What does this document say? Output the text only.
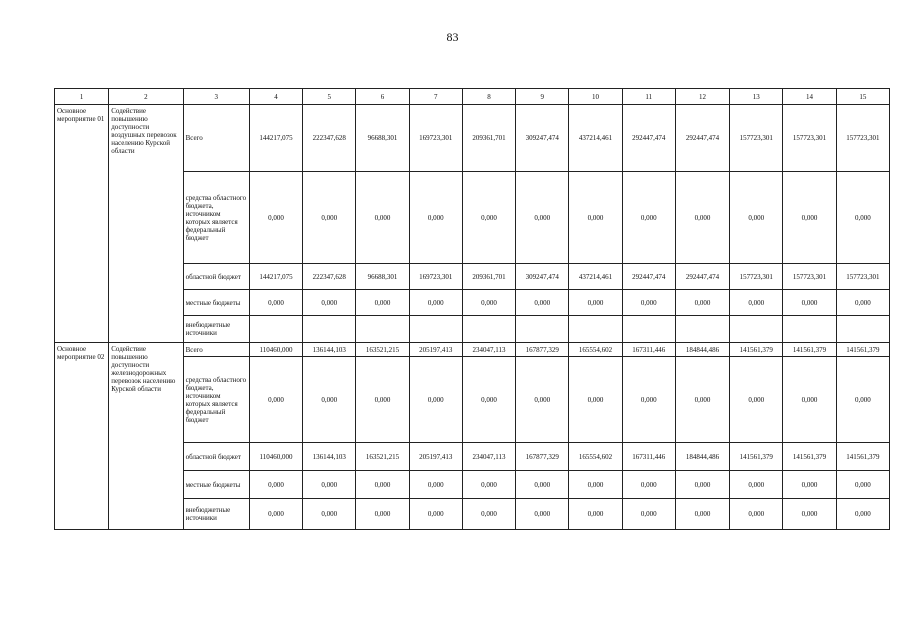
83
1	2	3	4	5	6	7	8	9	10	11	12	13	14	15
Основное мероприятие 01	Содействие повышению доступности воздушных перевозок населению Курской области	Всего	144217,075	222347,628	96688,301	169723,301	209361,701	309247,474	437214,461	292447,474	292447,474	157723,301	157723,301	157723,301
		средства областного бюджета, источником которых является федеральный бюджет	0,000	0,000	0,000	0,000	0,000	0,000	0,000	0,000	0,000	0,000	0,000	0,000
		областной бюджет	144217,075	222347,628	96688,301	169723,301	209361,701	309247,474	437214,461	292447,474	292447,474	157723,301	157723,301	157723,301
		местные бюджеты	0,000	0,000	0,000	0,000	0,000	0,000	0,000	0,000	0,000	0,000	0,000	0,000
		внебюджетные источники												
Основное мероприятие 02	Содействие повышению доступности железнодорожных перевозок населению Курской области	Всего	110460,000	136144,103	163521,215	205197,413	234047,113	167877,329	165554,602	167311,446	184844,486	141561,379	141561,379	141561,379
		средства областного бюджета, источником которых является федеральный бюджет	0,000	0,000	0,000	0,000	0,000	0,000	0,000	0,000	0,000	0,000	0,000	0,000
		областной бюджет	110460,000	136144,103	163521,215	205197,413	234047,113	167877,329	165554,602	167311,446	184844,486	141561,379	141561,379	141561,379
		местные бюджеты	0,000	0,000	0,000	0,000	0,000	0,000	0,000	0,000	0,000	0,000	0,000	0,000
		внебюджетные источники	0,000	0,000	0,000	0,000	0,000	0,000	0,000	0,000	0,000	0,000	0,000	0,000
